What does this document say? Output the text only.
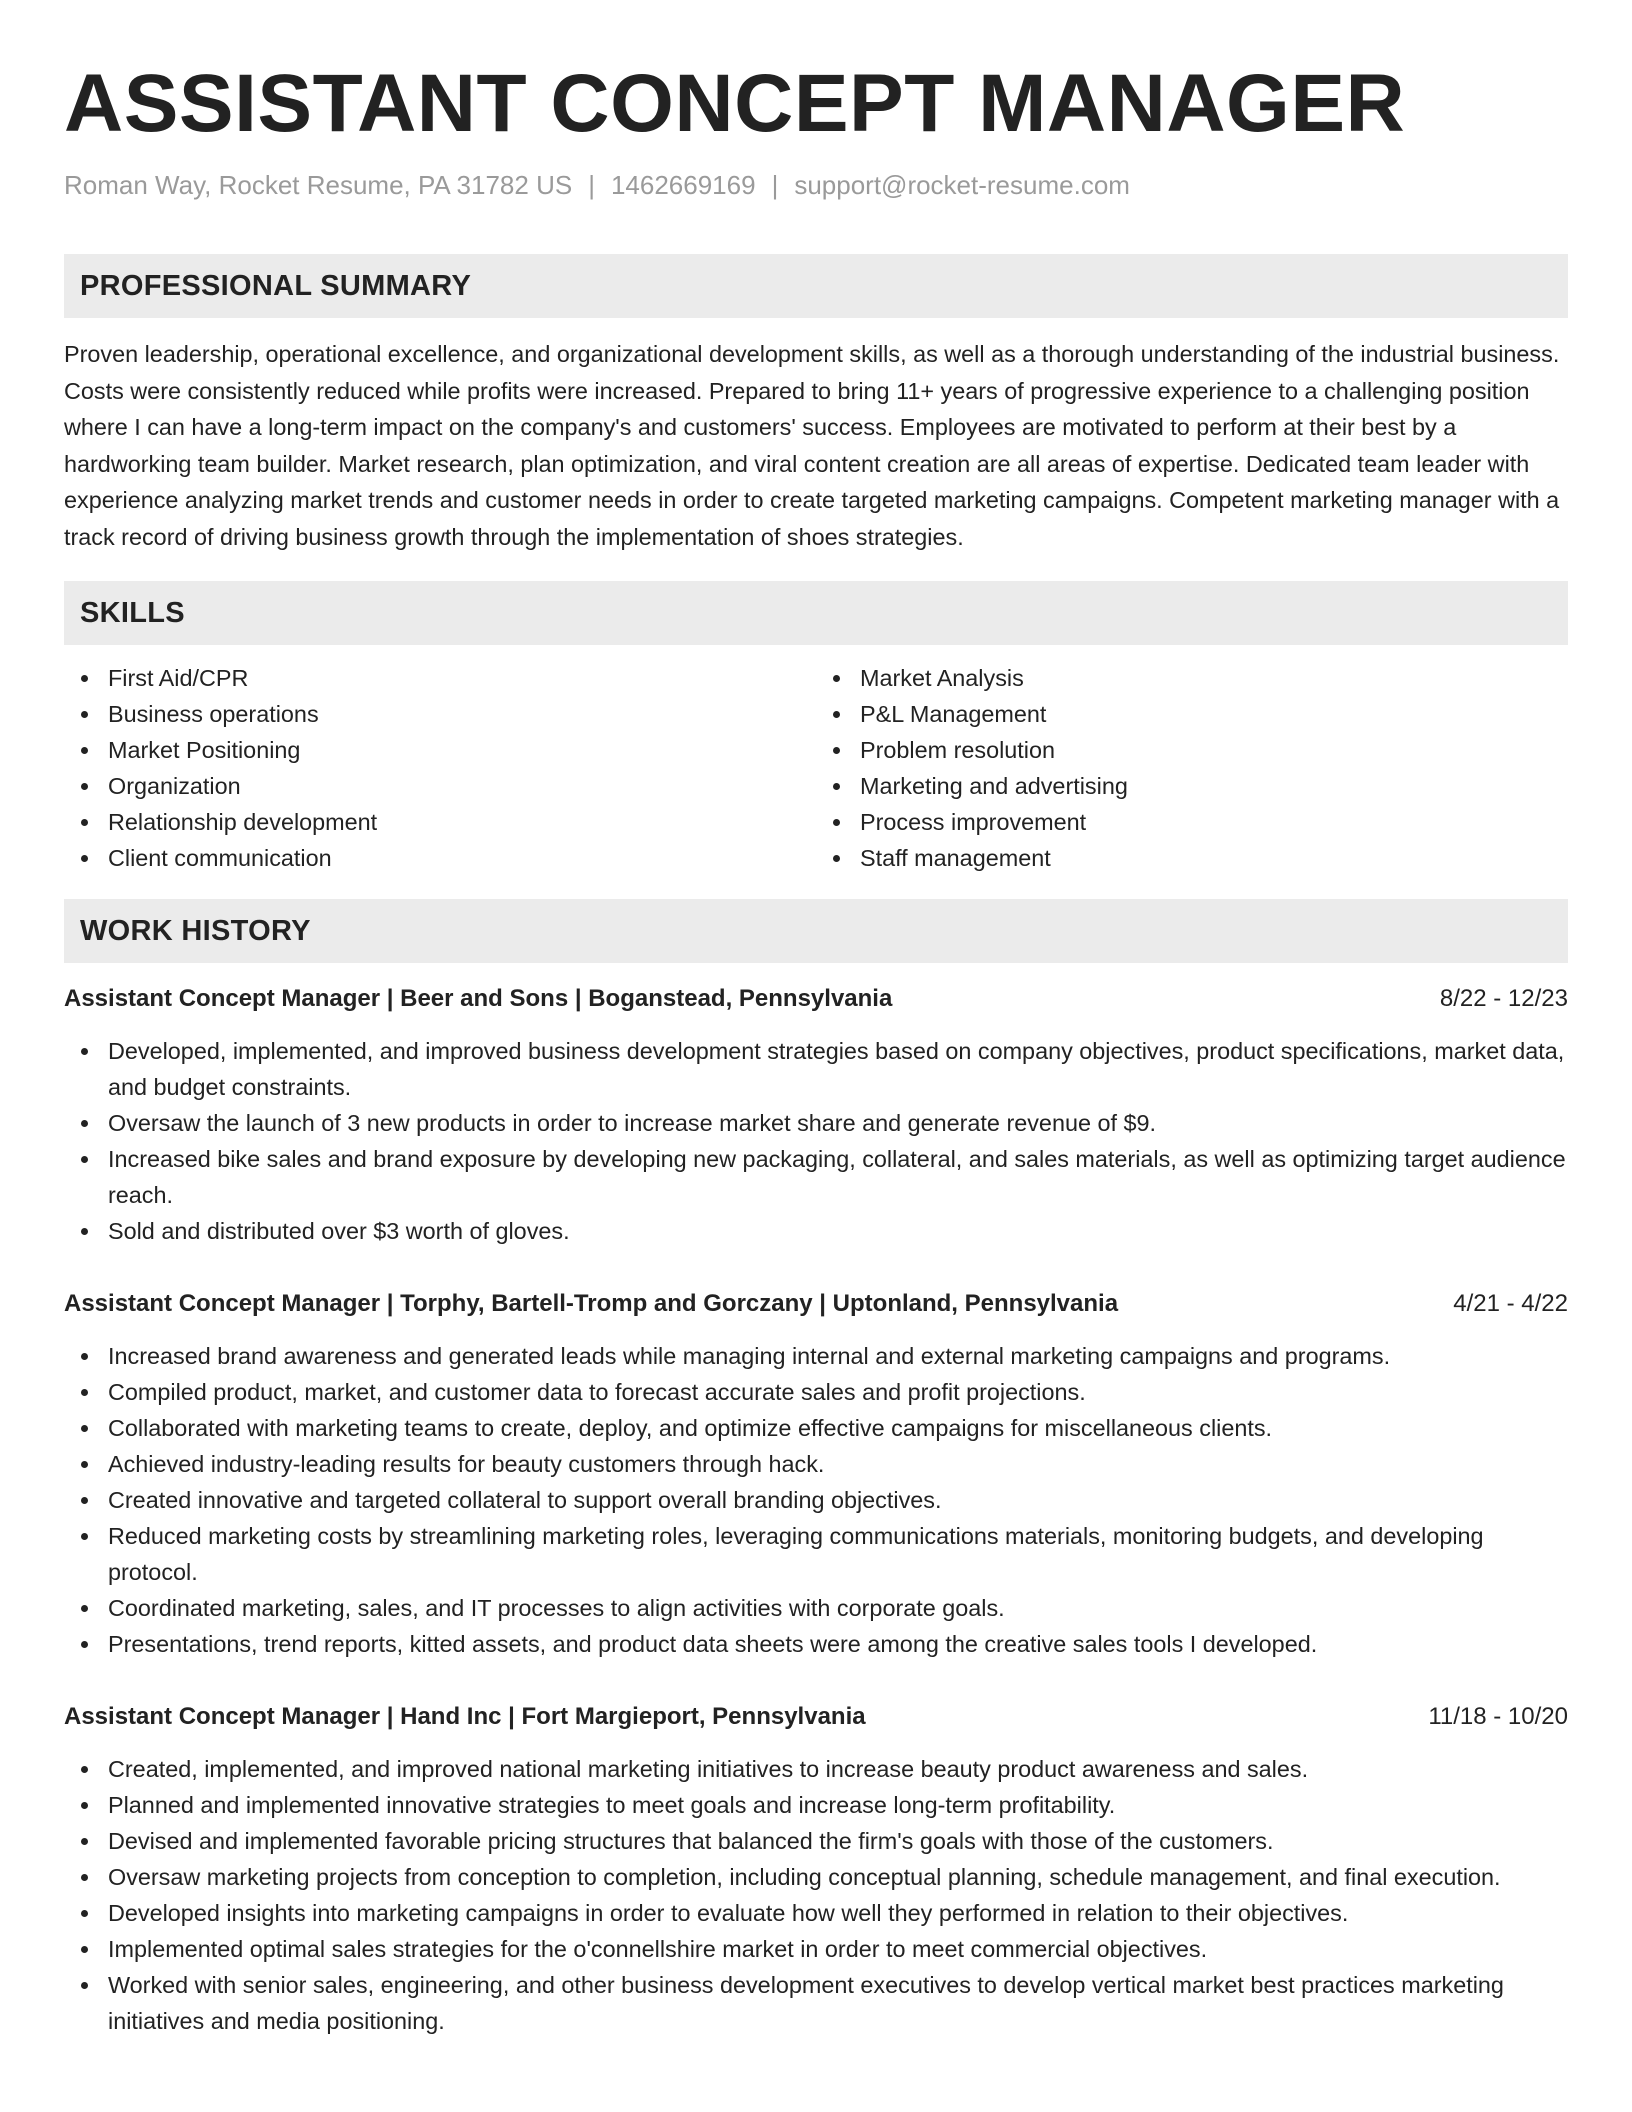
ASSISTANT CONCEPT MANAGER
Roman Way, Rocket Resume, PA 31782 US | 1462669169 | support@rocket-resume.com
PROFESSIONAL SUMMARY

Proven leadership, operational excellence, and organizational development skills, as well as a thorough understanding of the industrial business. Costs were consistently reduced while profits were increased. Prepared to bring 11+ years of progressive experience to a challenging position where I can have a long-term impact on the company's and customers' success. Employees are motivated to perform at their best by a hardworking team builder. Market research, plan optimization, and viral content creation are all areas of expertise. Dedicated team leader with experience analyzing market trends and customer needs in order to create targeted marketing campaigns. Competent marketing manager with a track record of driving business growth through the implementation of shoes strategies.

SKILLS
First Aid/CPR
Business operations
Market Positioning
Organization
Relationship development
Client communication
Market Analysis
P&L Management
Problem resolution
Marketing and advertising
Process improvement
Staff management
WORK HISTORY
Assistant Concept Manager | Beer and Sons | Boganstead, Pennsylvania	8/22 - 12/23
Developed, implemented, and improved business development strategies based on company objectives, product specifications, market data, and budget constraints.
Oversaw the launch of 3 new products in order to increase market share and generate revenue of $9.
Increased bike sales and brand exposure by developing new packaging, collateral, and sales materials, as well as optimizing target audience reach.
Sold and distributed over $3 worth of gloves.
Assistant Concept Manager | Torphy, Bartell-Tromp and Gorczany | Uptonland, Pennsylvania	4/21 - 4/22
Increased brand awareness and generated leads while managing internal and external marketing campaigns and programs.
Compiled product, market, and customer data to forecast accurate sales and profit projections.
Collaborated with marketing teams to create, deploy, and optimize effective campaigns for miscellaneous clients.
Achieved industry-leading results for beauty customers through hack.
Created innovative and targeted collateral to support overall branding objectives.
Reduced marketing costs by streamlining marketing roles, leveraging communications materials, monitoring budgets, and developing protocol.
Coordinated marketing, sales, and IT processes to align activities with corporate goals.
Presentations, trend reports, kitted assets, and product data sheets were among the creative sales tools I developed.
Assistant Concept Manager | Hand Inc | Fort Margieport, Pennsylvania	11/18 - 10/20
Created, implemented, and improved national marketing initiatives to increase beauty product awareness and sales.
Planned and implemented innovative strategies to meet goals and increase long-term profitability.
Devised and implemented favorable pricing structures that balanced the firm's goals with those of the customers.
Oversaw marketing projects from conception to completion, including conceptual planning, schedule management, and final execution.
Developed insights into marketing campaigns in order to evaluate how well they performed in relation to their objectives.
Implemented optimal sales strategies for the o'connellshire market in order to meet commercial objectives.
Worked with senior sales, engineering, and other business development executives to develop vertical market best practices marketing initiatives and media positioning.
